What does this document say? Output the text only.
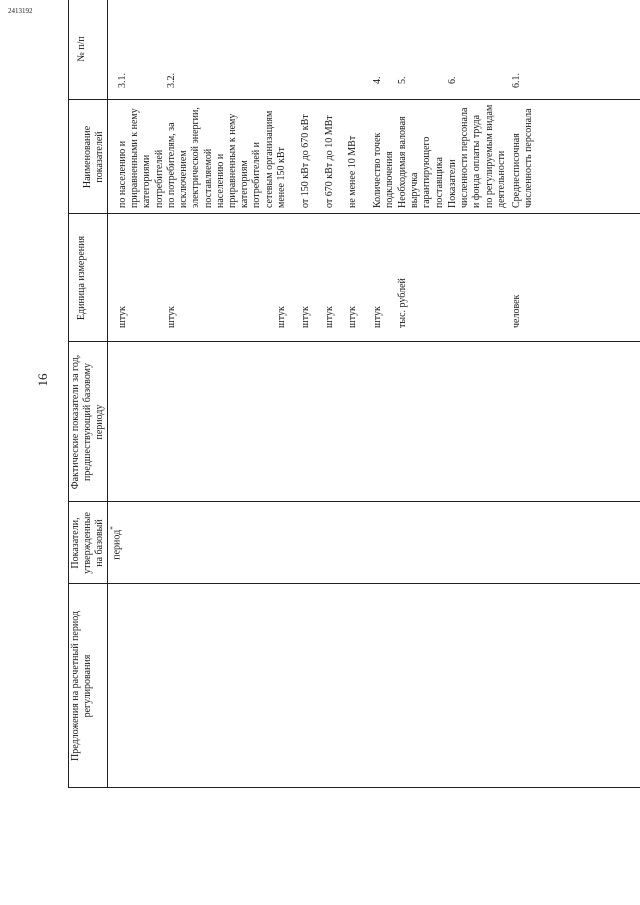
16
Предложения на расчетный период регулирования
Показатели, утвержденные на базовый период*
Фактические показатели за год, предшествующий базовому периоду
Единица измерения
Наименование показателей
№ п/п
3.1.
по населению и приравненными к нему категориями потребителей
штук
3.2.
по потребителям, за исключением электрической энергии, поставляемой населению и приравненным к нему категориям потребителей и сетевым организациям
штук
менее 150 кВт
штук
от 150 кВт до 670 кВт
штук
от 670 кВт до 10 МВт
штук
не менее 10 МВт
штук
4.
Количество точек подключения
штук
5.
Необходимая валовая выручка гарантирующего поставщика
тыс. рублей
6.
Показатели численности персонала и фонда оплаты труда по регулируемым видам деятельности
6.1.
Среднесписочная численность персонала
человек
2413192
